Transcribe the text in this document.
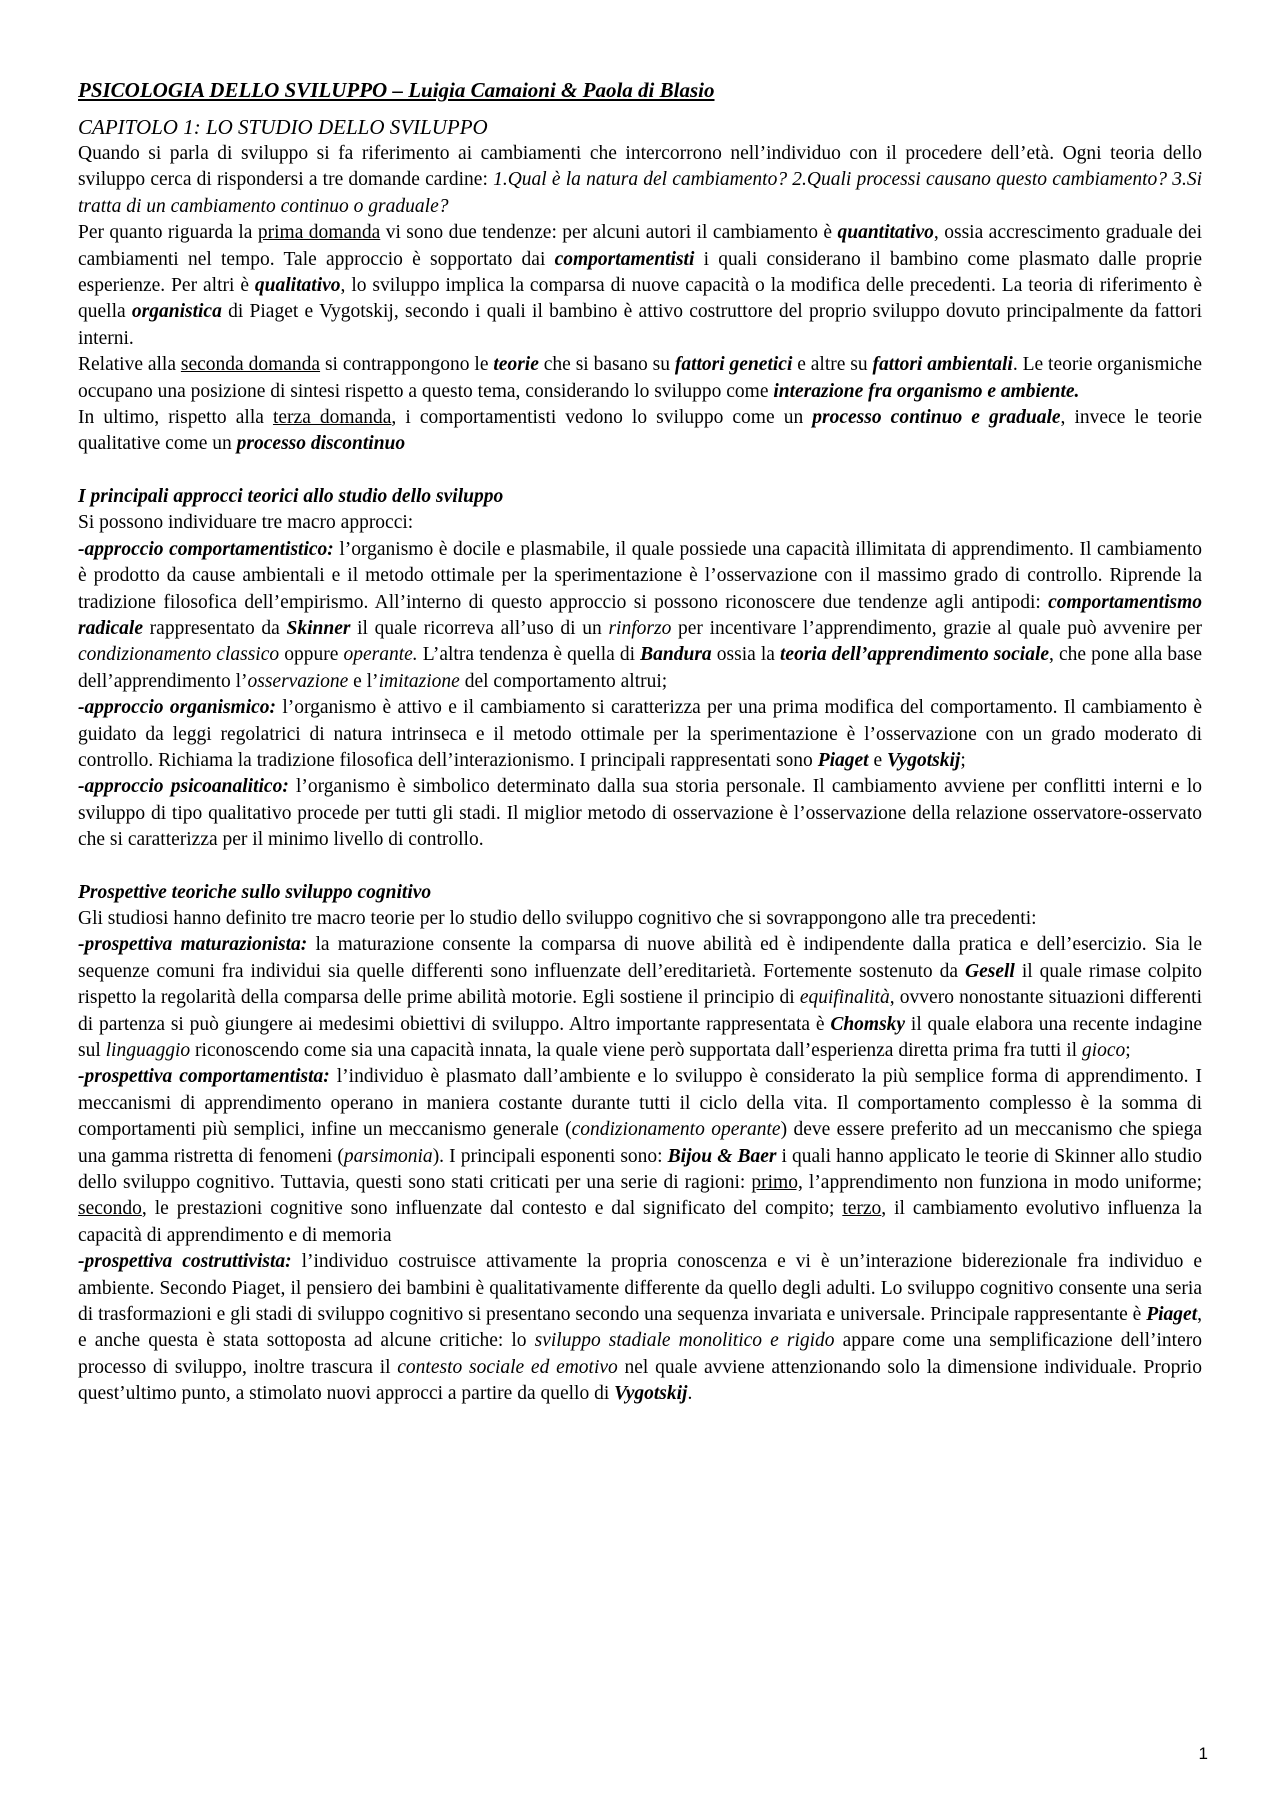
PSICOLOGIA DELLO SVILUPPO – Luigia Camaioni & Paola di Blasio
CAPITOLO 1: LO STUDIO DELLO SVILUPPO

Quando si parla di sviluppo si fa riferimento ai cambiamenti che intercorrono nell’individuo con il procedere dell’età. Ogni teoria dello sviluppo cerca di rispondersi a tre domande cardine: 1.Qual è la natura del cambiamento? 2.Quali processi causano questo cambiamento? 3.Si tratta di un cambiamento continuo o graduale?

Per quanto riguarda la prima domanda vi sono due tendenze: per alcuni autori il cambiamento è quantitativo, ossia accrescimento graduale dei cambiamenti nel tempo. Tale approccio è sopportato dai comportamentisti i quali considerano il bambino come plasmato dalle proprie esperienze. Per altri è qualitativo, lo sviluppo implica la comparsa di nuove capacità o la modifica delle precedenti. La teoria di riferimento è quella organistica di Piaget e Vygotskij, secondo i quali il bambino è attivo costruttore del proprio sviluppo dovuto principalmente da fattori interni.

Relative alla seconda domanda si contrappongono le teorie che si basano su fattori genetici e altre su fattori ambientali. Le teorie organismiche occupano una posizione di sintesi rispetto a questo tema, considerando lo sviluppo come interazione fra organismo e ambiente.

In ultimo, rispetto alla terza domanda, i comportamentisti vedono lo sviluppo come un processo continuo e graduale, invece le teorie qualitative come un processo discontinuo

I principali approcci teorici allo studio dello sviluppo

Si possono individuare tre macro approcci:

-approccio comportamentistico: l’organismo è docile e plasmabile, il quale possiede una capacità illimitata di apprendimento. Il cambiamento è prodotto da cause ambientali e il metodo ottimale per la sperimentazione è l’osservazione con il massimo grado di controllo. Riprende la tradizione filosofica dell’empirismo. All’interno di questo approccio si possono riconoscere due tendenze agli antipodi: comportamentismo radicale rappresentato da Skinner il quale ricorreva all’uso di un rinforzo per incentivare l’apprendimento, grazie al quale può avvenire per condizionamento classico oppure operante. L’altra tendenza è quella di Bandura ossia la teoria dell’apprendimento sociale, che pone alla base dell’apprendimento l’osservazione e l’imitazione del comportamento altrui;

-approccio organismico: l’organismo è attivo e il cambiamento si caratterizza per una prima modifica del comportamento. Il cambiamento è guidato da leggi regolatrici di natura intrinseca e il metodo ottimale per la sperimentazione è l’osservazione con un grado moderato di controllo. Richiama la tradizione filosofica dell’interazionismo. I principali rappresentati sono Piaget e Vygotskij;

-approccio psicoanalitico: l’organismo è simbolico determinato dalla sua storia personale. Il cambiamento avviene per conflitti interni e lo sviluppo di tipo qualitativo procede per tutti gli stadi. Il miglior metodo di osservazione è l’osservazione della relazione osservatore-osservato che si caratterizza per il minimo livello di controllo.

Prospettive teoriche sullo sviluppo cognitivo

Gli studiosi hanno definito tre macro teorie per lo studio dello sviluppo cognitivo che si sovrappongono alle tra precedenti:

-prospettiva maturazionista: la maturazione consente la comparsa di nuove abilità ed è indipendente dalla pratica e dell’esercizio. Sia le sequenze comuni fra individui sia quelle differenti sono influenzate dell’ereditarietà. Fortemente sostenuto da Gesell il quale rimase colpito rispetto la regolarità della comparsa delle prime abilità motorie. Egli sostiene il principio di equifinalità, ovvero nonostante situazioni differenti di partenza si può giungere ai medesimi obiettivi di sviluppo. Altro importante rappresentata è Chomsky il quale elabora una recente indagine sul linguaggio riconoscendo come sia una capacità innata, la quale viene però supportata dall’esperienza diretta prima fra tutti il gioco;

-prospettiva comportamentista: l’individuo è plasmato dall’ambiente e lo sviluppo è considerato la più semplice forma di apprendimento. I meccanismi di apprendimento operano in maniera costante durante tutti il ciclo della vita. Il comportamento complesso è la somma di comportamenti più semplici, infine un meccanismo generale (condizionamento operante) deve essere preferito ad un meccanismo che spiega una gamma ristretta di fenomeni (parsimonia). I principali esponenti sono: Bijou & Baer i quali hanno applicato le teorie di Skinner allo studio dello sviluppo cognitivo. Tuttavia, questi sono stati criticati per una serie di ragioni: primo, l’apprendimento non funziona in modo uniforme; secondo, le prestazioni cognitive sono influenzate dal contesto e dal significato del compito; terzo, il cambiamento evolutivo influenza la capacità di apprendimento e di memoria

-prospettiva costruttivista: l’individuo costruisce attivamente la propria conoscenza e vi è un’interazione biderezionale fra individuo e ambiente. Secondo Piaget, il pensiero dei bambini è qualitativamente differente da quello degli adulti. Lo sviluppo cognitivo consente una seria di trasformazioni e gli stadi di sviluppo cognitivo si presentano secondo una sequenza invariata e universale. Principale rappresentante è Piaget, e anche questa è stata sottoposta ad alcune critiche: lo sviluppo stadiale monolitico e rigido appare come una semplificazione dell’intero processo di sviluppo, inoltre trascura il contesto sociale ed emotivo nel quale avviene attenzionando solo la dimensione individuale. Proprio quest’ultimo punto, a stimolato nuovi approcci a partire da quello di Vygotskij.

1
